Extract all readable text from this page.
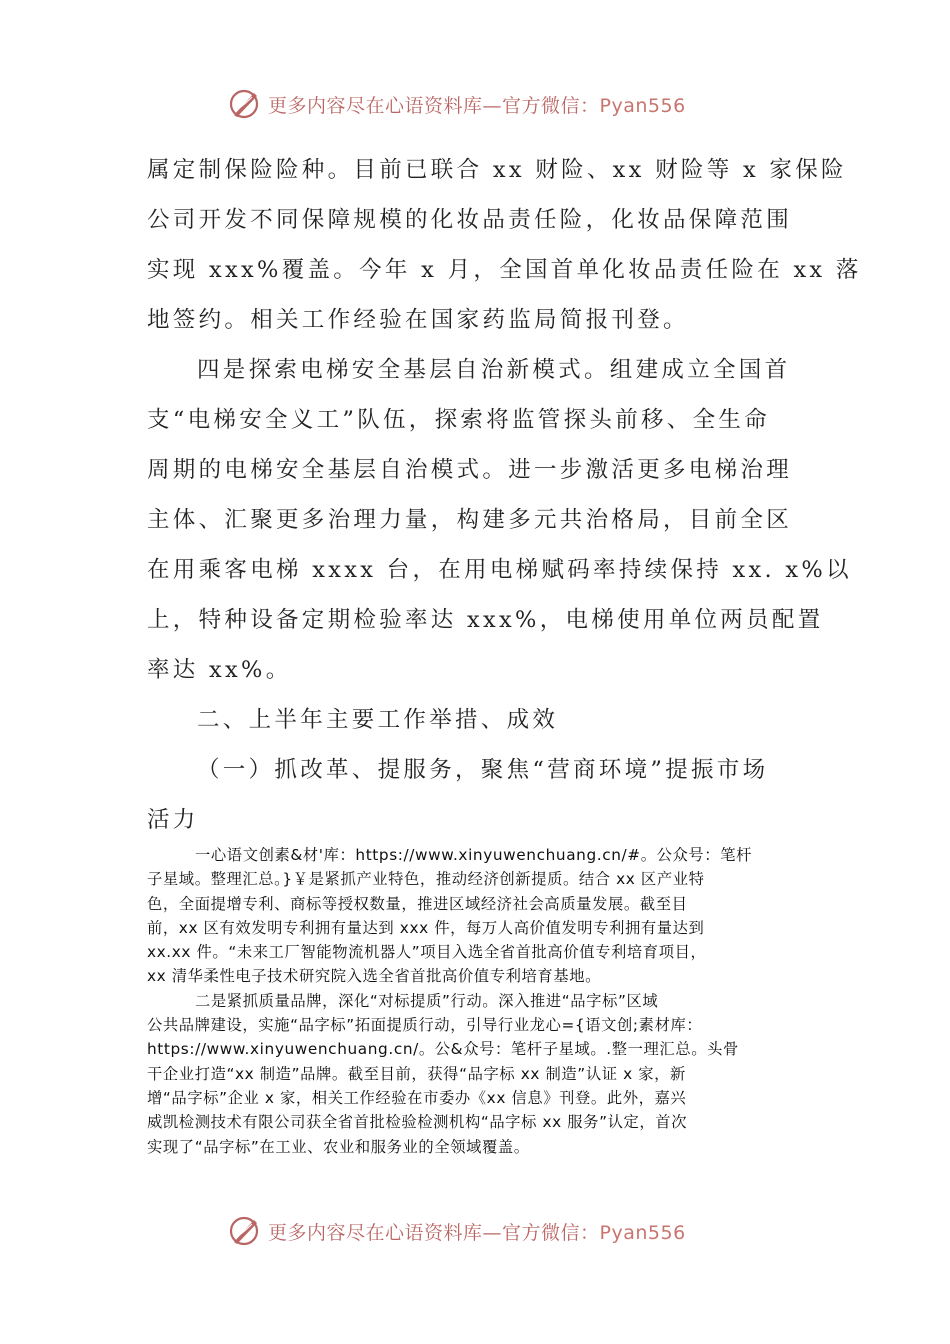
更多内容尽在心语资料库—官方微信：Pyan556

属定制保险险种。目前已联合 xx 财险、xx 财险等 x 家保险
公司开发不同保障规模的化妆品责任险，化妆品保障范围
实现 xxx%覆盖。今年 x 月，全国首单化妆品责任险在 xx 落
地签约。相关工作经验在国家药监局简报刊登。

四是探索电梯安全基层自治新模式。组建成立全国首
支“电梯安全义工”队伍，探索将监管探头前移、全生命
周期的电梯安全基层自治模式。进一步激活更多电梯治理
主体、汇聚更多治理力量，构建多元共治格局，目前全区
在用乘客电梯 xxxx 台，在用电梯赋码率持续保持 xx. x%以
上，特种设备定期检验率达 xxx%，电梯使用单位两员配置
率达 xx%。

二、上半年主要工作举措、成效

（一）抓改革、提服务，聚焦“营商环境”提振市场
活力

一心语文创素&材'库：https://www.xinyuwenchuang.cn/#。公众号：笔杆
子星域。整理汇总。}￥是紧抓产业特色，推动经济创新提质。结合 xx 区产业特
色，全面提增专利、商标等授权数量，推进区域经济社会高质量发展。截至目
前，xx 区有效发明专利拥有量达到 xxx 件，每万人高价值发明专利拥有量达到
xx.xx 件。“未来工厂智能物流机器人”项目入选全省首批高价值专利培育项目，
xx 清华柔性电子技术研究院入选全省首批高价值专利培育基地。
二是紧抓质量品牌，深化“对标提质”行动。深入推进“品字标”区域
公共品牌建设，实施“品字标”拓面提质行动，引导行业龙心={语文创;素材库：
https://www.xinyuwenchuang.cn/。公&众号：笔杆子星域。.整一理汇总。头骨
干企业打造“xx 制造”品牌。截至目前，获得“品字标 xx 制造”认证 x 家，新
增“品字标”企业 x 家，相关工作经验在市委办《xx 信息》刊登。此外，嘉兴
威凯检测技术有限公司获全省首批检验检测机构“品字标 xx 服务”认定，首次
实现了“品字标”在工业、农业和服务业的全领域覆盖。
更多内容尽在心语资料库—官方微信：Pyan556
